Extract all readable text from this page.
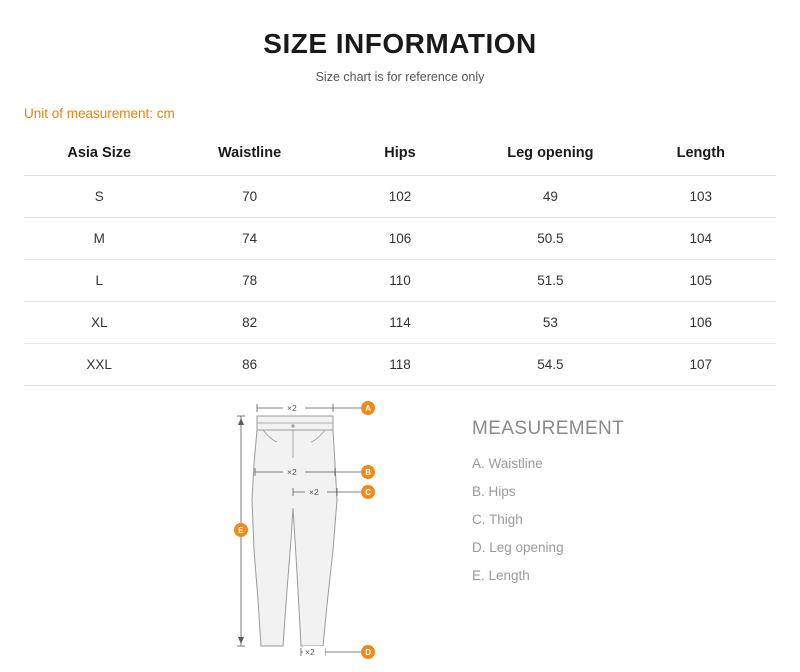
SIZE INFORMATION
Size chart is for reference only
Unit of measurement: cm
Asia Size	Waistline	Hips	Leg opening	Length
S	70	102	49	103
M	74	106	50.5	104
L	78	110	51.5	105
XL	82	114	53	106
XXL	86	118	54.5	107
×2	A
×2	B
×2	C
×2	D
E
MEASUREMENT
A. Waistline
B. Hips
C. Thigh
D. Leg opening
E. Length
